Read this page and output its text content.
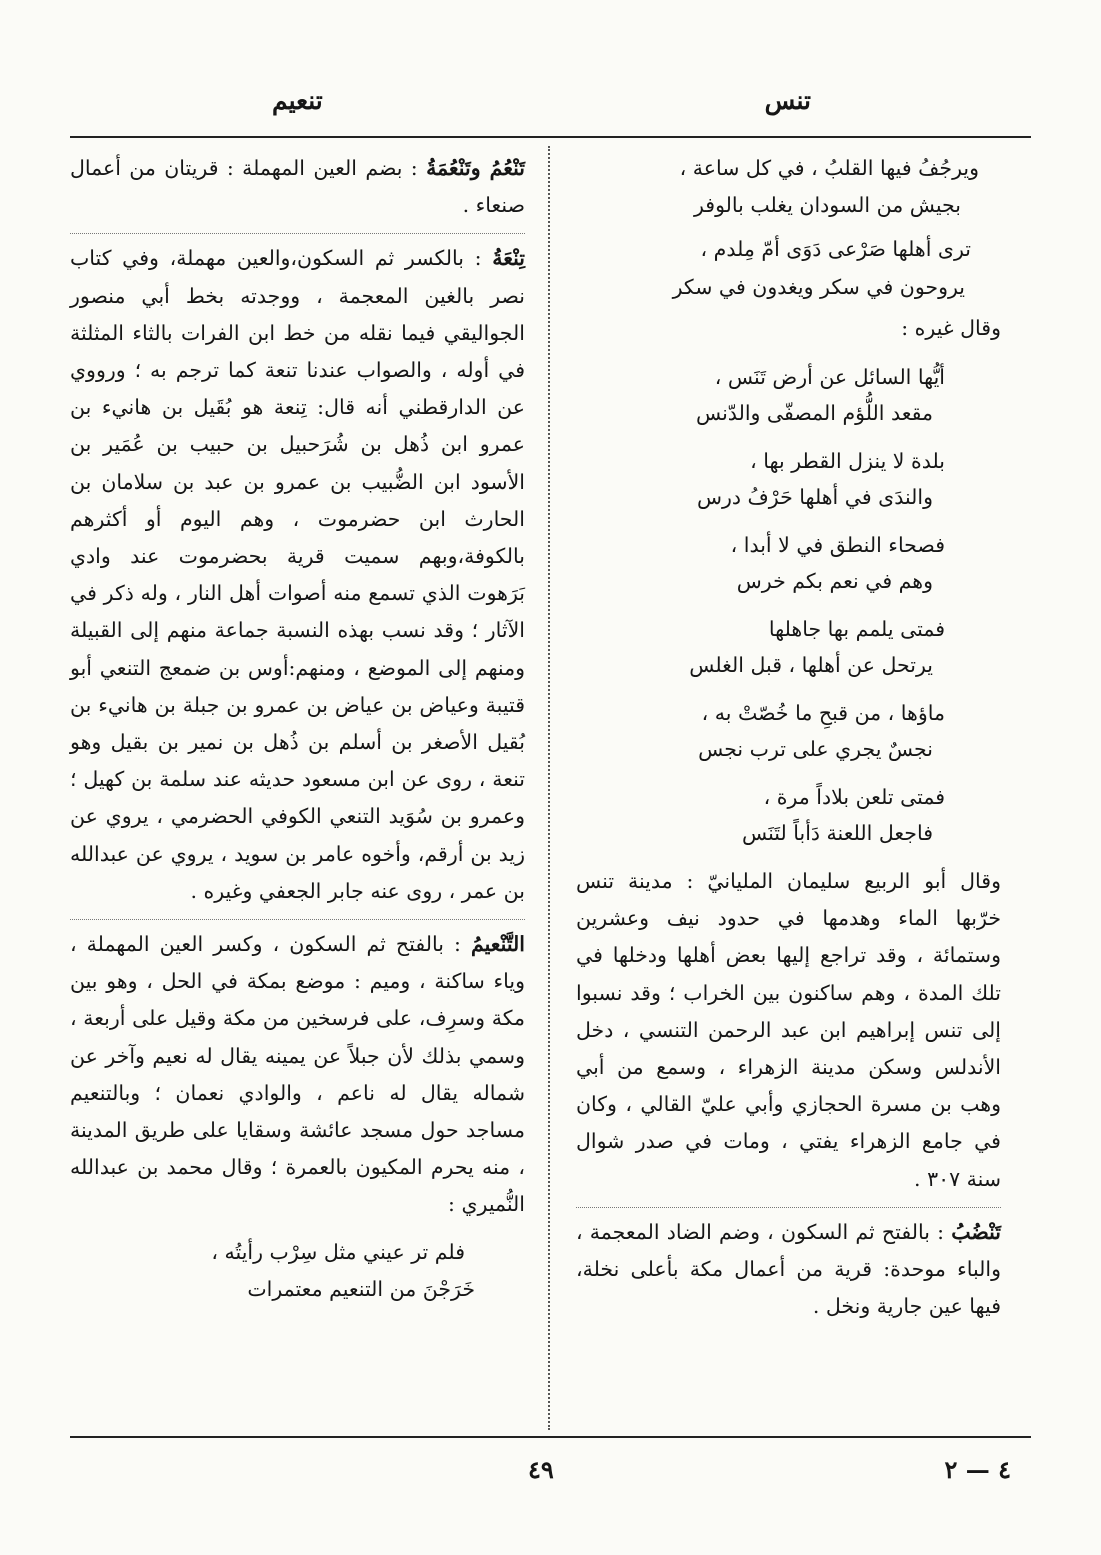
تنس
تنعيم
ويرجُفُ فيها القلبُ ، في كل ساعة ،
بجيش من السودان يغلب بالوفر
ترى أهلها صَرْعى دَوَى أمّ مِلدم ،
يروحون في سكر ويغدون في سكر

وقال غيره :

أيُّها السائل عن أرض تَنَس ،
مقعد اللُّؤم المصفّى والدّنس
بلدة لا ينزل القطر بها ،
والندَى في أهلها حَرْفُ درس
فصحاء النطق في لا أبدا ،
وهم في نعم بكم خرس
فمتى يلمم بها جاهلها
يرتحل عن أهلها ، قبل الغلس
ماؤها ، من قبحِ ما خُصّتْ به ،
نجسٌ يجري على ترب نجس
فمتى تلعن بلاداً مرة ،
فاجعل اللعنة دَأباً لتَنَس

وقال أبو الربيع سليمان المليانيّ : مدينة تنس خرّبها الماء وهدمها في حدود نيف وعشرين وستمائة ، وقد تراجع إليها بعض أهلها ودخلها في تلك المدة ، وهم ساكنون بين الخراب ؛ وقد نسبوا إلى تنس إبراهيم ابن عبد الرحمن التنسي ، دخل الأندلس وسكن مدينة الزهراء ، وسمع من أبي وهب بن مسرة الحجازي وأبي عليّ القالي ، وكان في جامع الزهراء يفتي ، ومات في صدر شوال سنة ٣٠٧ .

تَنْضُبُ : بالفتح ثم السكون ، وضم الضاد المعجمة ، والباء موحدة: قرية من أعمال مكة بأعلى نخلة، فيها عين جارية ونخل .

تَنْعُمُ وتَنْعُمَةُ : بضم العين المهملة : قريتان من أعمال صنعاء .

تِنْعَةُ : بالكسر ثم السكون،والعين مهملة، وفي كتاب نصر بالغين المعجمة ، ووجدته بخط أبي منصور الجواليقي فيما نقله من خط ابن الفرات بالثاء المثلثة في أوله ، والصواب عندنا تنعة كما ترجم به ؛ ورووي عن الدارقطني أنه قال: تِنعة هو بُقَيل بن هانيء بن عمرو ابن ذُهل بن شُرَحبيل بن حبيب بن عُمَير بن الأسود ابن الضُّبيب بن عمرو بن عبد بن سلامان بن الحارث ابن حضرموت ، وهم اليوم أو أكثرهم بالكوفة،وبهم سميت قرية بحضرموت عند وادي بَرَهوت الذي تسمع منه أصوات أهل النار ، وله ذكر في الآثار ؛ وقد نسب بهذه النسبة جماعة منهم إلى القبيلة ومنهم إلى الموضع ، ومنهم:أوس بن ضمعج التنعي أبو قتيبة وعياض بن عياض بن عمرو بن جبلة بن هانيء بن بُقيل الأصغر بن أسلم بن ذُهل بن نمير بن بقيل وهو تنعة ، روى عن ابن مسعود حديثه عند سلمة بن كهيل ؛ وعمرو بن سُوَيد التنعي الكوفي الحضرمي ، يروي عن زيد بن أرقم، وأخوه عامر بن سويد ، يروي عن عبدالله بن عمر ، روى عنه جابر الجعفي وغيره .

التَّنْعيمُ : بالفتح ثم السكون ، وكسر العين المهملة ، وياء ساكنة ، وميم : موضع بمكة في الحل ، وهو بين مكة وسرِف، على فرسخين من مكة وقيل على أربعة ، وسمي بذلك لأن جبلاً عن يمينه يقال له نعيم وآخر عن شماله يقال له ناعم ، والوادي نعمان ؛ وبالتنعيم مساجد حول مسجد عائشة وسقايا على طريق المدينة ، منه يحرم المكيون بالعمرة ؛ وقال محمد بن عبدالله النُّميري :

فلم تر عيني مثل سِرْب رأيتُه ،
خَرَجْنَ من التنعيم معتمرات
٤٩	٤ — ٢
